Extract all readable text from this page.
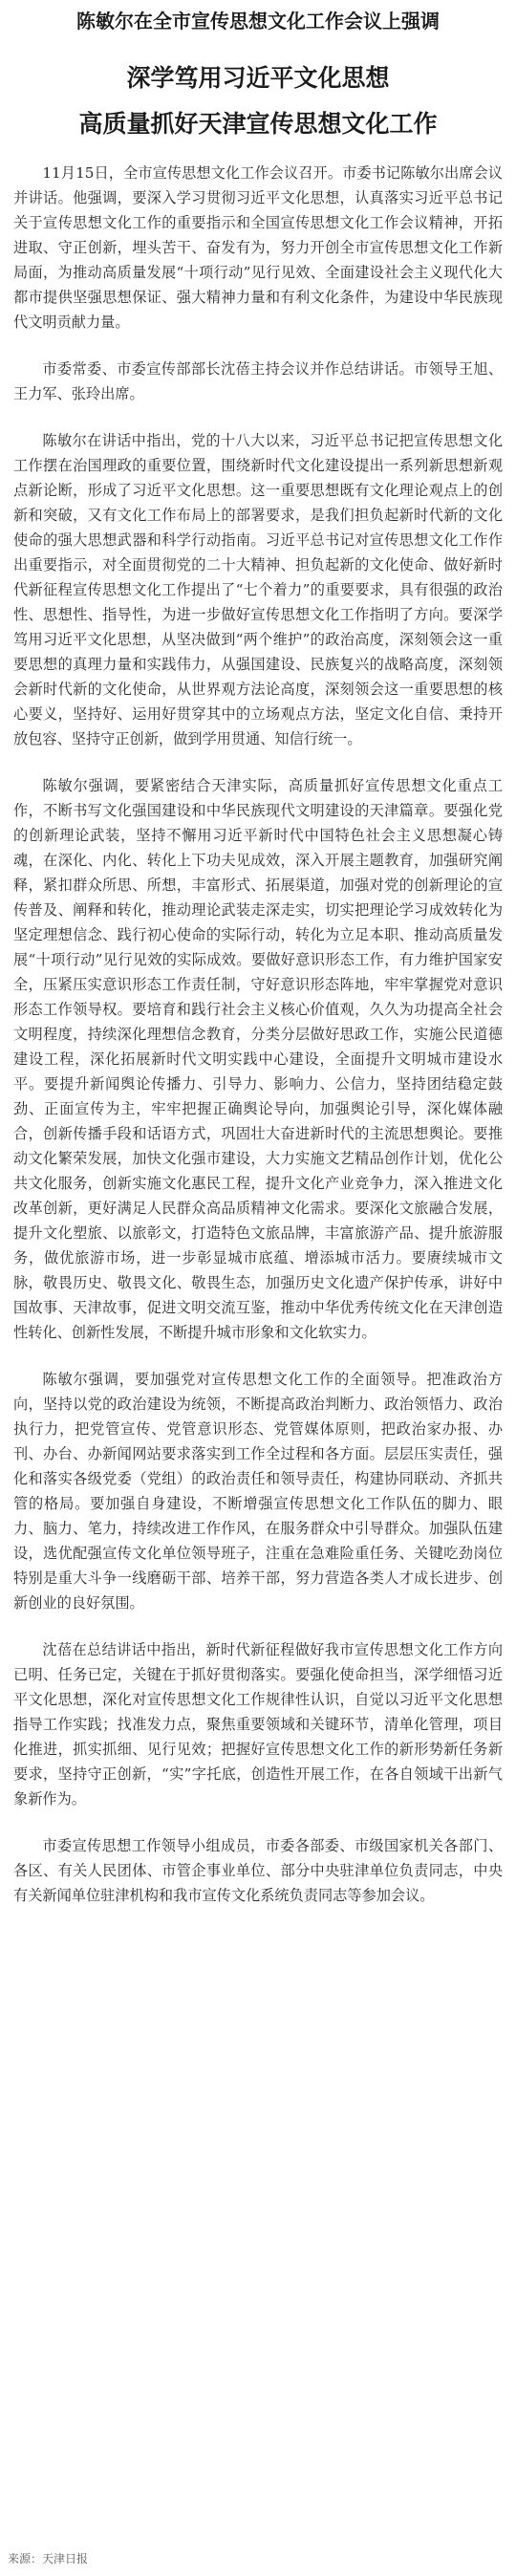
陈敏尔在全市宣传思想文化工作会议上强调
深学笃用习近平文化思想
高质量抓好天津宣传思想文化工作

11月15日，全市宣传思想文化工作会议召开。市委书记陈敏尔出席会议并讲话。他强调，要深入学习贯彻习近平文化思想，认真落实习近平总书记关于宣传思想文化工作的重要指示和全国宣传思想文化工作会议精神，开拓进取、守正创新，埋头苦干、奋发有为，努力开创全市宣传思想文化工作新局面，为推动高质量发展“十项行动”见行见效、全面建设社会主义现代化大都市提供坚强思想保证、强大精神力量和有利文化条件，为建设中华民族现代文明贡献力量。

市委常委、市委宣传部部长沈蓓主持会议并作总结讲话。市领导王旭、王力军、张玲出席。

陈敏尔在讲话中指出，党的十八大以来，习近平总书记把宣传思想文化工作摆在治国理政的重要位置，围绕新时代文化建设提出一系列新思想新观点新论断，形成了习近平文化思想。这一重要思想既有文化理论观点上的创新和突破，又有文化工作布局上的部署要求，是我们担负起新时代新的文化使命的强大思想武器和科学行动指南。习近平总书记对宣传思想文化工作作出重要指示，对全面贯彻党的二十大精神、担负起新的文化使命、做好新时代新征程宣传思想文化工作提出了“七个着力”的重要要求，具有很强的政治性、思想性、指导性，为进一步做好宣传思想文化工作指明了方向。要深学笃用习近平文化思想，从坚决做到“两个维护”的政治高度，深刻领会这一重要思想的真理力量和实践伟力，从强国建设、民族复兴的战略高度，深刻领会新时代新的文化使命，从世界观方法论高度，深刻领会这一重要思想的核心要义，坚持好、运用好贯穿其中的立场观点方法，坚定文化自信、秉持开放包容、坚持守正创新，做到学用贯通、知信行统一。

陈敏尔强调，要紧密结合天津实际，高质量抓好宣传思想文化重点工作，不断书写文化强国建设和中华民族现代文明建设的天津篇章。要强化党的创新理论武装，坚持不懈用习近平新时代中国特色社会主义思想凝心铸魂，在深化、内化、转化上下功夫见成效，深入开展主题教育，加强研究阐释，紧扣群众所思、所想，丰富形式、拓展渠道，加强对党的创新理论的宣传普及、阐释和转化，推动理论武装走深走实，切实把理论学习成效转化为坚定理想信念、践行初心使命的实际行动，转化为立足本职、推动高质量发展“十项行动”见行见效的实际成效。要做好意识形态工作，有力维护国家安全，压紧压实意识形态工作责任制，守好意识形态阵地，牢牢掌握党对意识形态工作领导权。要培育和践行社会主义核心价值观，久久为功提高全社会文明程度，持续深化理想信念教育，分类分层做好思政工作，实施公民道德建设工程，深化拓展新时代文明实践中心建设，全面提升文明城市建设水平。要提升新闻舆论传播力、引导力、影响力、公信力，坚持团结稳定鼓劲、正面宣传为主，牢牢把握正确舆论导向，加强舆论引导，深化媒体融合，创新传播手段和话语方式，巩固壮大奋进新时代的主流思想舆论。要推动文化繁荣发展，加快文化强市建设，大力实施文艺精品创作计划，优化公共文化服务，创新实施文化惠民工程，提升文化产业竞争力，深入推进文化改革创新，更好满足人民群众高品质精神文化需求。要深化文旅融合发展，提升文化塑旅、以旅彰文，打造特色文旅品牌，丰富旅游产品、提升旅游服务，做优旅游市场，进一步彰显城市底蕴、增添城市活力。要赓续城市文脉，敬畏历史、敬畏文化、敬畏生态，加强历史文化遗产保护传承，讲好中国故事、天津故事，促进文明交流互鉴，推动中华优秀传统文化在天津创造性转化、创新性发展，不断提升城市形象和文化软实力。

陈敏尔强调，要加强党对宣传思想文化工作的全面领导。把准政治方向，坚持以党的政治建设为统领，不断提高政治判断力、政治领悟力、政治执行力，把党管宣传、党管意识形态、党管媒体原则，把政治家办报、办刊、办台、办新闻网站要求落实到工作全过程和各方面。层层压实责任，强化和落实各级党委（党组）的政治责任和领导责任，构建协同联动、齐抓共管的格局。要加强自身建设，不断增强宣传思想文化工作队伍的脚力、眼力、脑力、笔力，持续改进工作作风，在服务群众中引导群众。加强队伍建设，选优配强宣传文化单位领导班子，注重在急难险重任务、关键吃劲岗位特别是重大斗争一线磨砺干部、培养干部，努力营造各类人才成长进步、创新创业的良好氛围。

沈蓓在总结讲话中指出，新时代新征程做好我市宣传思想文化工作方向已明、任务已定，关键在于抓好贯彻落实。要强化使命担当，深学细悟习近平文化思想，深化对宣传思想文化工作规律性认识，自觉以习近平文化思想指导工作实践；找准发力点，聚焦重要领域和关键环节，清单化管理，项目化推进，抓实抓细、见行见效；把握好宣传思想文化工作的新形势新任务新要求，坚持守正创新，“实”字托底，创造性开展工作，在各自领域干出新气象新作为。

市委宣传思想工作领导小组成员，市委各部委、市级国家机关各部门、各区、有关人民团体、市管企事业单位、部分中央驻津单位负责同志，中央有关新闻单位驻津机构和我市宣传文化系统负责同志等参加会议。

来源：天津日报
